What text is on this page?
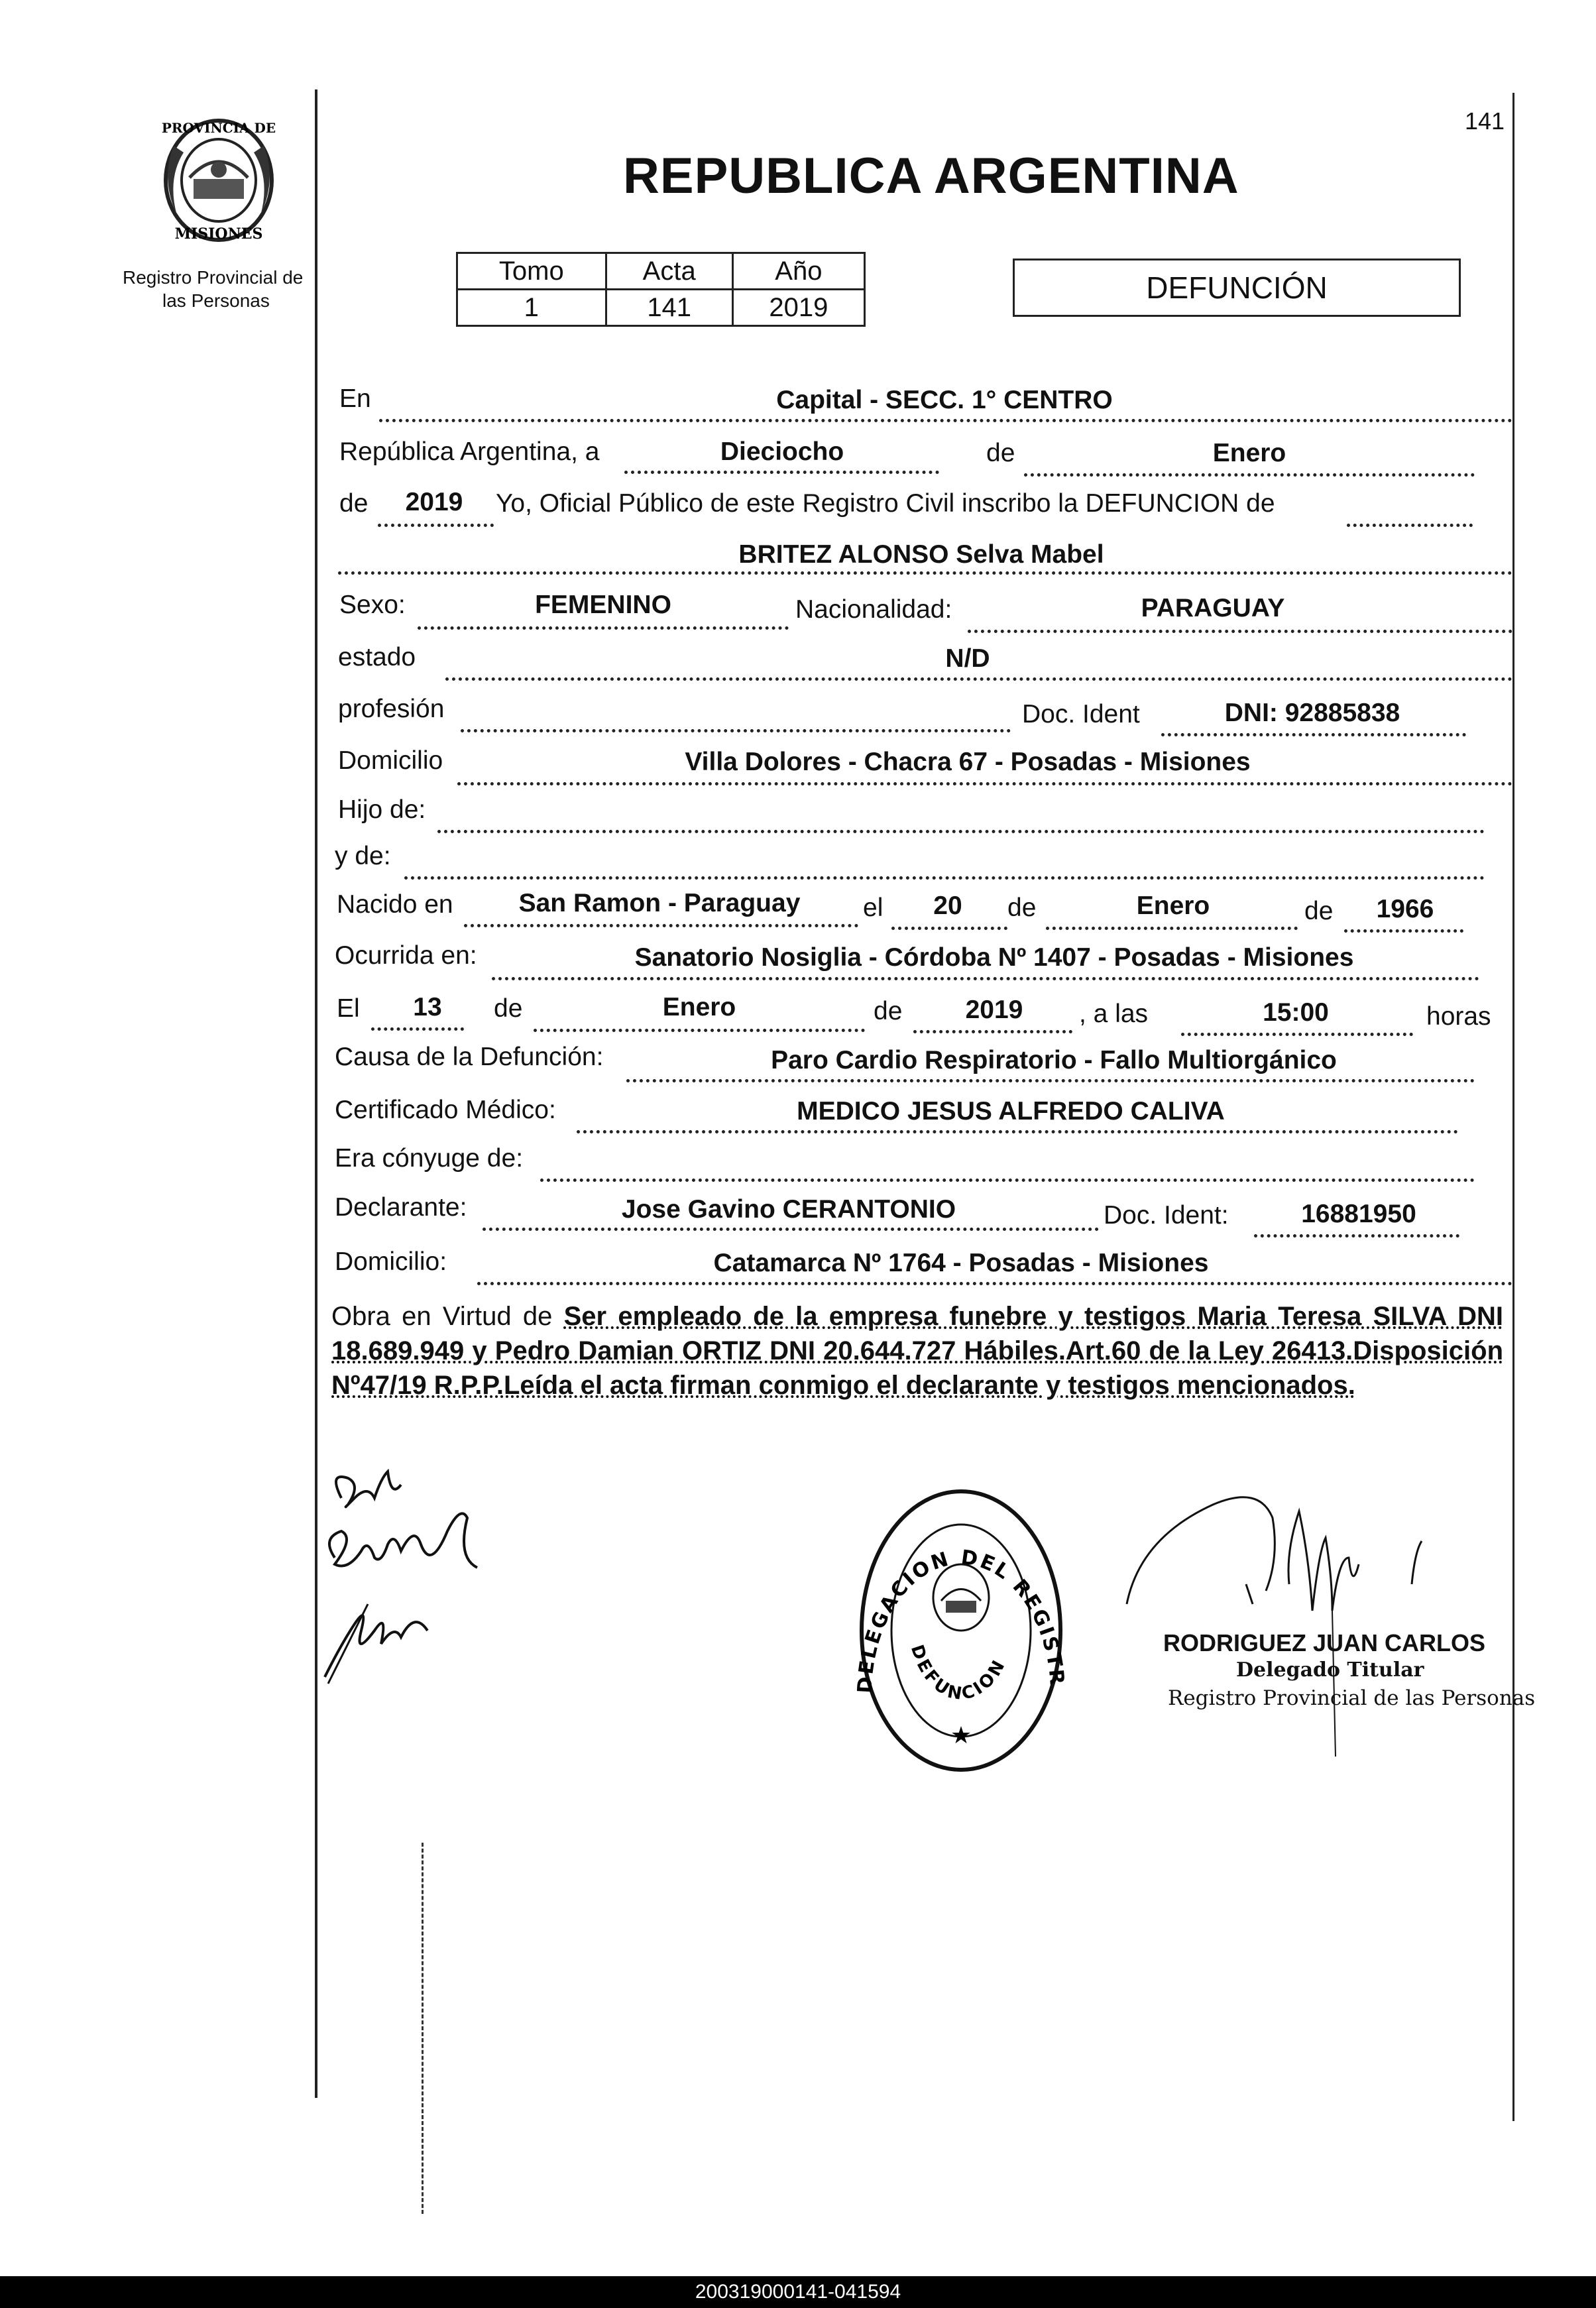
PROVINCIA DE
MISIONES
Registro Provincial de
las Personas
141
REPUBLICA ARGENTINA
Tomo	Acta	Año
1	141	2019
DEFUNCIÓN
En	Capital - SECC. 1° CENTRO
República Argentina, a	Dieciocho	de	Enero
de	2019	Yo, Oficial Público de este Registro Civil inscribo la DEFUNCION de
BRITEZ ALONSO Selva Mabel
Sexo:	FEMENINO	Nacionalidad:	PARAGUAY
estado	N/D
profesión	Doc. Ident	DNI: 92885838
Domicilio	Villa Dolores - Chacra 67 - Posadas - Misiones
Hijo de:
y de:
Nacido en	San Ramon - Paraguay	el	20	de	Enero	de	1966
Ocurrida en:	Sanatorio Nosiglia - Córdoba Nº 1407 - Posadas - Misiones
El	13	de	Enero	de	2019	, a las	15:00	horas
Causa de la Defunción:	Paro Cardio Respiratorio - Fallo Multiorgánico
Certificado Médico:	MEDICO JESUS ALFREDO CALIVA
Era cónyuge de:
Declarante:	Jose Gavino CERANTONIO	Doc. Ident:	16881950
Domicilio:	Catamarca Nº 1764 - Posadas - Misiones
Obra en Virtud de Ser empleado de la empresa funebre y testigos Maria Teresa SILVA DNI 18.689.949 y Pedro Damian ORTIZ DNI 20.644.727 Hábiles.Art.60 de la Ley 26413.Disposición Nº47/19 R.P.P.Leída el acta firman conmigo el declarante y testigos mencionados.
DELEGACION DEL REGISTR
DEFUNCION
★
RODRIGUEZ JUAN CARLOS
Delegado Titular
Registro Provincial de las Personas
200319000141-041594
